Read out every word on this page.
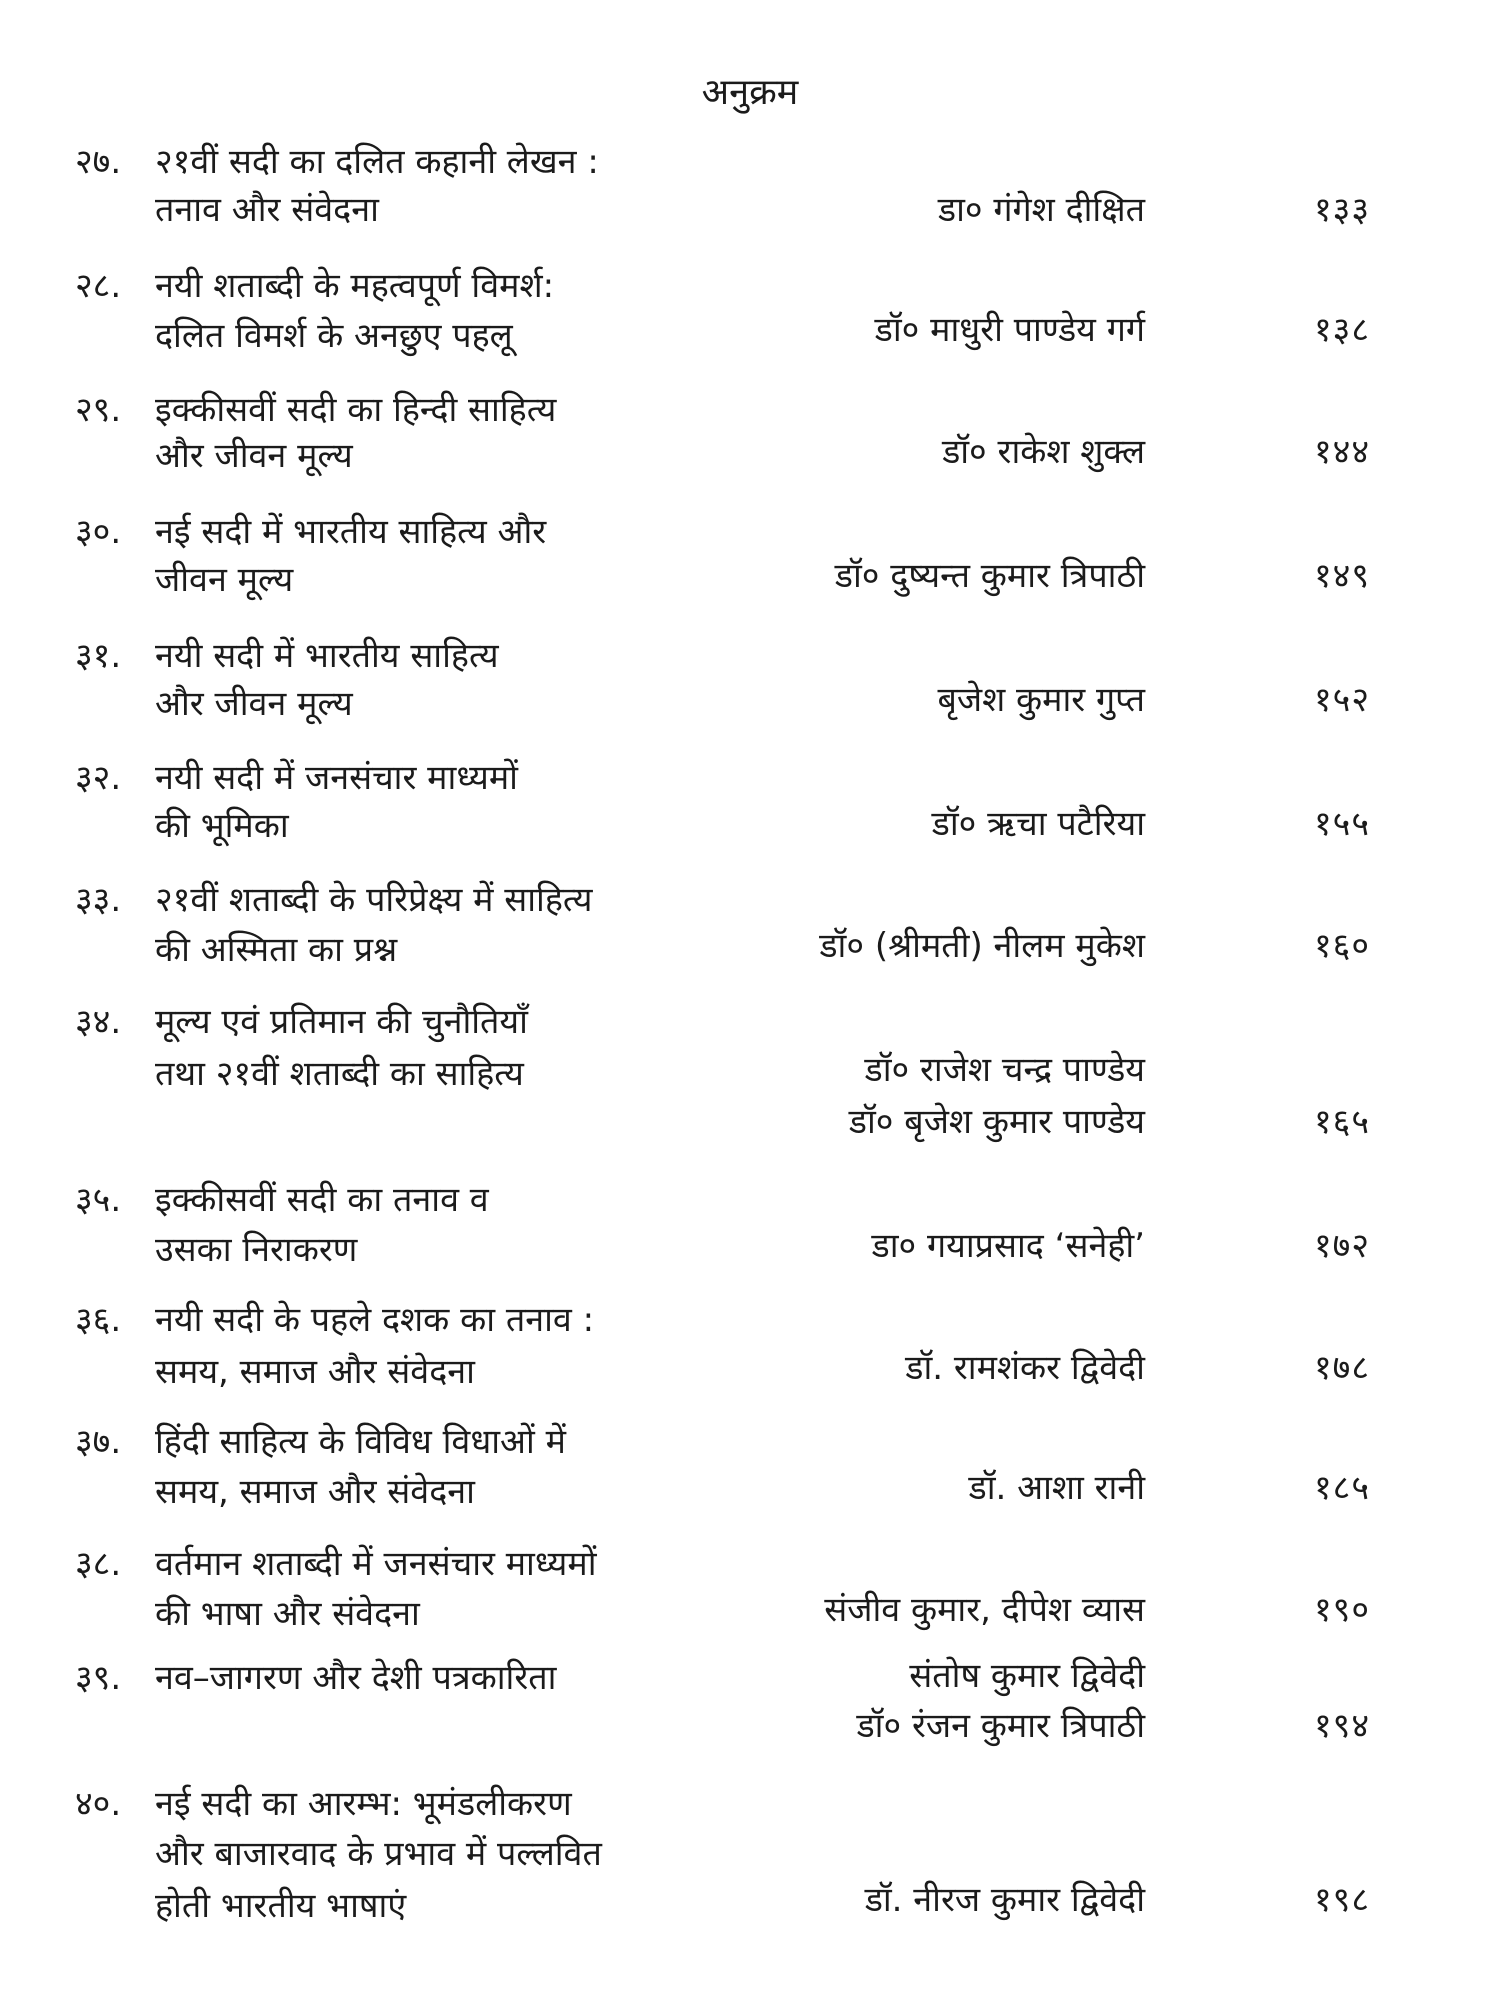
अनुक्रम
२७. २१वीं सदी का दलित कहानी लेखन :
तनाव और संवेदना	डा० गंगेश दीक्षित	१३३
२८. नयी शताब्दी के महत्वपूर्ण विमर्श:
दलित विमर्श के अनछुए पहलू	डॉ० माधुरी पाण्डेय गर्ग	१३८
२९. इक्कीसवीं सदी का हिन्दी साहित्य
और जीवन मूल्य	डॉ० राकेश शुक्ल	१४४
३०. नई सदी में भारतीय साहित्य और
जीवन मूल्य	डॉ० दुष्यन्त कुमार त्रिपाठी	१४९
३१. नयी सदी में भारतीय साहित्य
और जीवन मूल्य	बृजेश कुमार गुप्त	१५२
३२. नयी सदी में जनसंचार माध्यमों
की भूमिका	डॉ० ऋचा पटैरिया	१५५
३३. २१वीं शताब्दी के परिप्रेक्ष्य में साहित्य
की अस्मिता का प्रश्न	डॉ० (श्रीमती) नीलम मुकेश	१६०
३४. मूल्य एवं प्रतिमान की चुनौतियाँ
तथा २१वीं शताब्दी का साहित्य	डॉ० राजेश चन्द्र पाण्डेय
डॉ० बृजेश कुमार पाण्डेय	१६५
३५. इक्कीसवीं सदी का तनाव व
उसका निराकरण	डा० गयाप्रसाद ‘सनेही’	१७२
३६. नयी सदी के पहले दशक का तनाव :
समय, समाज और संवेदना	डॉ. रामशंकर द्विवेदी	१७८
३७. हिंदी साहित्य के विविध विधाओं में
समय, समाज और संवेदना	डॉ. आशा रानी	१८५
३८. वर्तमान शताब्दी में जनसंचार माध्यमों
की भाषा और संवेदना	संजीव कुमार, दीपेश व्यास	१९०
३९. नव–जागरण और देशी पत्रकारिता	संतोष कुमार द्विवेदी
डॉ० रंजन कुमार त्रिपाठी	१९४
४०. नई सदी का आरम्भ: भूमंडलीकरण
और बाजारवाद के प्रभाव में पल्लवित
होती भारतीय भाषाएं	डॉ. नीरज कुमार द्विवेदी	१९८
